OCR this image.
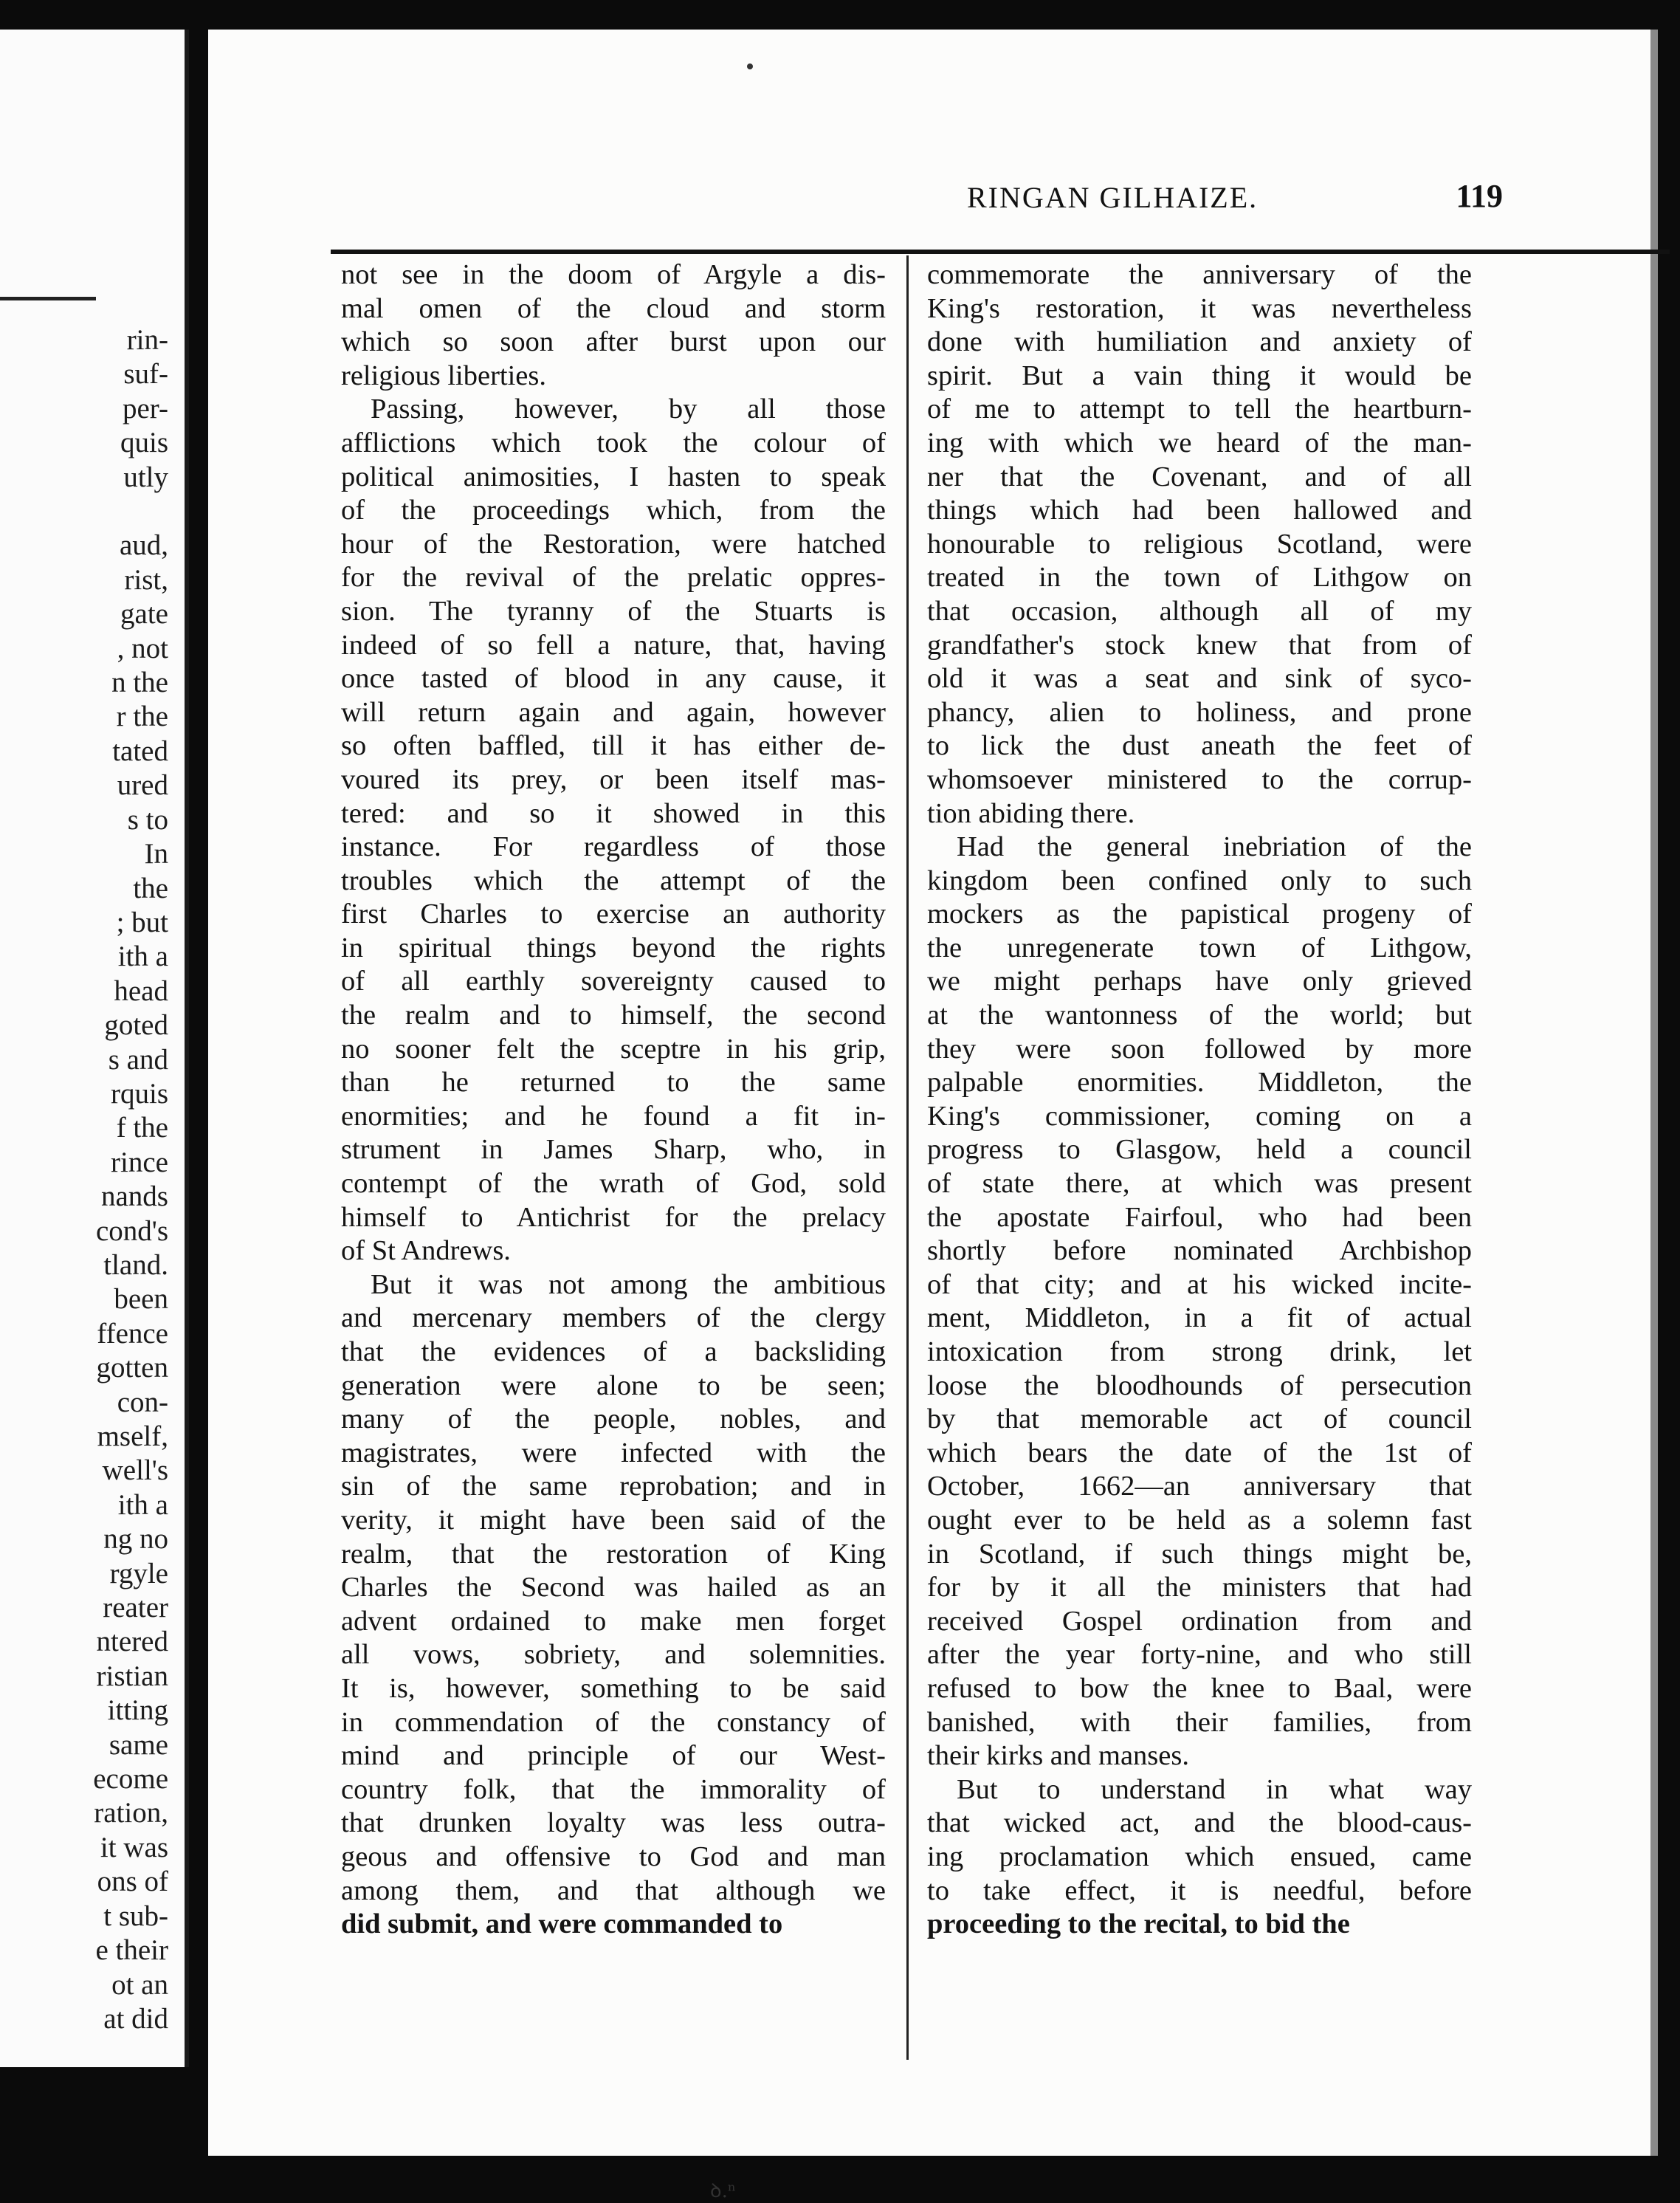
rin-
suf-
per-
quis
utly

aud,
rist,
gate
, not
n the
r the
tated
ured
s to
In
the
; but
ith a
head
goted
s and
rquis
f the
rince
nands
cond's
tland.
been
ffence
gotten
con-
mself,
well's
ith a
ng no
rgyle
reater
ntered
ristian
itting
same
ecome
ration,
it was
ons of
t sub-
e their
ot an
at did
RINGAN GILHAIZE.	119
not see in the doom of Argyle a dis-
mal omen of the cloud and storm
which so soon after burst upon our
religious liberties.
Passing, however, by all those
afflictions which took the colour of
political animosities, I hasten to speak
of the proceedings which, from the
hour of the Restoration, were hatched
for the revival of the prelatic oppres-
sion. The tyranny of the Stuarts is
indeed of so fell a nature, that, having
once tasted of blood in any cause, it
will return again and again, however
so often baffled, till it has either de-
voured its prey, or been itself mas-
tered: and so it showed in this
instance. For regardless of those
troubles which the attempt of the
first Charles to exercise an authority
in spiritual things beyond the rights
of all earthly sovereignty caused to
the realm and to himself, the second
no sooner felt the sceptre in his grip,
than he returned to the same
enormities; and he found a fit in-
strument in James Sharp, who, in
contempt of the wrath of God, sold
himself to Antichrist for the prelacy
of St Andrews.
But it was not among the ambitious
and mercenary members of the clergy
that the evidences of a backsliding
generation were alone to be seen;
many of the people, nobles, and
magistrates, were infected with the
sin of the same reprobation; and in
verity, it might have been said of the
realm, that the restoration of King
Charles the Second was hailed as an
advent ordained to make men forget
all vows, sobriety, and solemnities.
It is, however, something to be said
in commendation of the constancy of
mind and principle of our West-
country folk, that the immorality of
that drunken loyalty was less outra-
geous and offensive to God and man
among them, and that although we
did submit, and were commanded to
commemorate the anniversary of the
King's restoration, it was nevertheless
done with humiliation and anxiety of
spirit. But a vain thing it would be
of me to attempt to tell the heartburn-
ing with which we heard of the man-
ner that the Covenant, and of all
things which had been hallowed and
honourable to religious Scotland, were
treated in the town of Lithgow on
that occasion, although all of my
grandfather's stock knew that from of
old it was a seat and sink of syco-
phancy, alien to holiness, and prone
to lick the dust aneath the feet of
whomsoever ministered to the corrup-
tion abiding there.
Had the general inebriation of the
kingdom been confined only to such
mockers as the papistical progeny of
the unregenerate town of Lithgow,
we might perhaps have only grieved
at the wantonness of the world; but
they were soon followed by more
palpable enormities. Middleton, the
King's commissioner, coming on a
progress to Glasgow, held a council
of state there, at which was present
the apostate Fairfoul, who had been
shortly before nominated Archbishop
of that city; and at his wicked incite-
ment, Middleton, in a fit of actual
intoxication from strong drink, let
loose the bloodhounds of persecution
by that memorable act of council
which bears the date of the 1st of
October, 1662—an anniversary that
ought ever to be held as a solemn fast
in Scotland, if such things might be,
for by it all the ministers that had
received Gospel ordination from and
after the year forty-nine, and who still
refused to bow the knee to Baal, were
banished, with their families, from
their kirks and manses.
But to understand in what way
that wicked act, and the blood-caus-
ing proclamation which ensued, came
to take effect, it is needful, before
proceeding to the recital, to bid the
ꝺ.ⁿ
